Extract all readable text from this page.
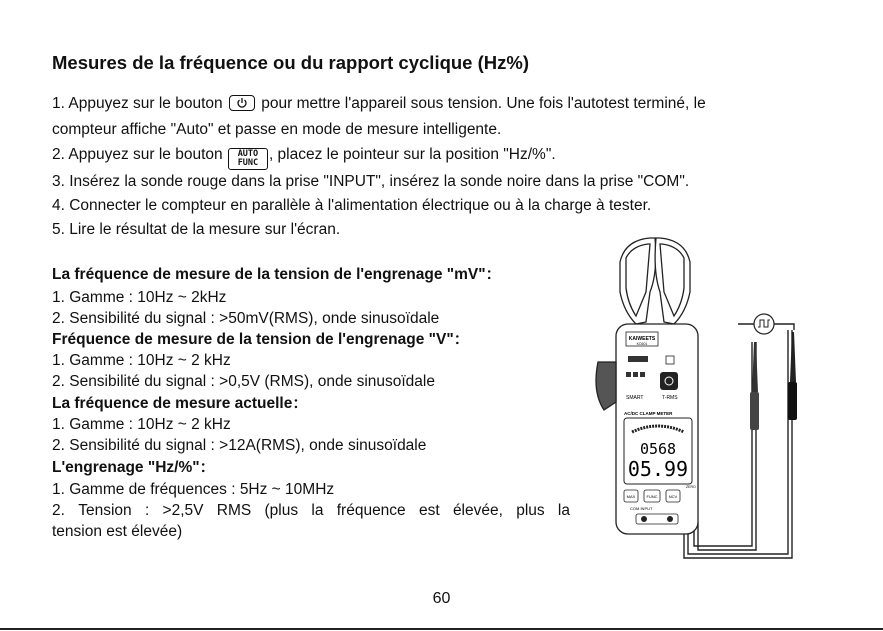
Mesures de la fréquence ou du rapport cyclique (Hz%)
1. Appuyez sur le bouton pour mettre l'appareil sous tension. Une fois l'autotest terminé, le
compteur affiche "Auto" et passe en mode de mesure intelligente.
2. Appuyez sur le bouton AUTO
FUNC , placez le pointeur sur la position "Hz/%".
3. Insérez la sonde rouge dans la prise "INPUT", insérez la sonde noire dans la prise "COM".
4. Connecter le compteur en parallèle à l'alimentation électrique ou à la charge à tester.
5. Lire le résultat de la mesure sur l'écran.
La fréquence de mesure de la tension de l'engrenage "mV"：
1. Gamme : 10Hz ~ 2kHz
2. Sensibilité du signal : >50mV(RMS), onde sinusoïdale
Fréquence de mesure de la tension de l'engrenage "V"：
1. Gamme : 10Hz ~ 2 kHz
2. Sensibilité du signal : >0,5V (RMS), onde sinusoïdale
La fréquence de mesure actuelle：
1. Gamme : 10Hz ~ 2 kHz
2. Sensibilité du signal : >12A(RMS), onde sinusoïdale
L'engrenage "Hz/%"：
1. Gamme de fréquences : 5Hz ~ 10MHz
2. Tension : >2,5V RMS (plus la fréquence est élevée, plus la
tension est élevée)
KAIWEETS
KC601
SMART	T-RMS
AC/DC CLAMP METER
0568
05.99
MAX	FUNC	NCV
ZERO
COM INPUT
60
